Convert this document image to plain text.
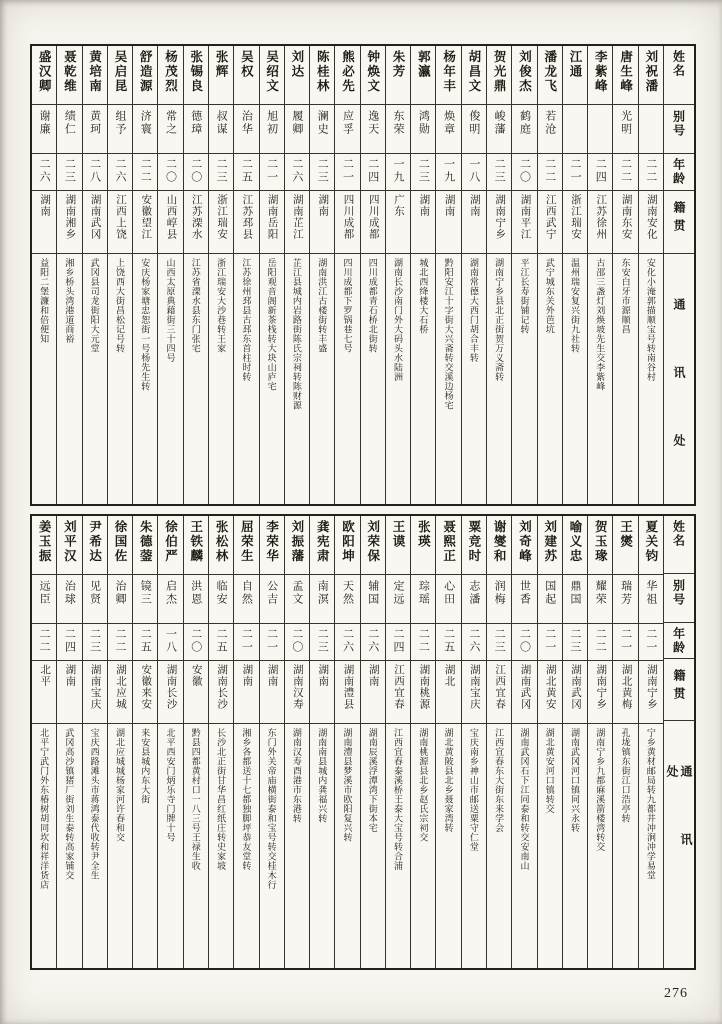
姓名
别号
年龄
籍贯
通讯处
刘祝潘
二二
湖南安化
安化小淹郭描顺宝号转南谷村
唐生峰
光明
二二
湖南东安
东安白牙市源顺昌
李紫峰
二四
江苏徐州
古邵三盏灯刘焕坡先生交李紫峰
江通
二一
浙江瑞安
温州瑞安复兴街九社转
潘龙飞
若沧
二二
江西武宁
武宁城东关外芭坑
刘俊杰
鹤庭
二〇
湖南平江
平江长寿街铺记转
贺光鼎
峻藩
二三
湖南宁乡
湖南宁乡县北正街贺万义斋转
胡昌文
俊明
一八
湖南
湖南常德大西门胡合丰转
杨年丰
焕章
一九
湖南
黔阳安江十字街大兴斋转交溪边杨宅
郭瀛
鸿勋
二三
湖南
城北西绛楼大石桥
朱芳
东荣
一九
广东
湖南长沙南门外大码头水陆洲
钟焕文
逸天
二四
四川成都
四川成都青石桥北街转
熊必先
应孚
二一
四川成都
四川成都下罗锅巷七号
陈桂林
澜史
二三
湖南
湖南洪江古楼街转丰盛
刘达
履卿
二六
湖南芷江
芷江县城内岩路街陈氏宗祠转陈财源
吴绍文
旭初
二一
湖南岳阳
岳阳观音阁新茶栈转大块山庐宅
吴权
治华
二五
江苏邳县
江苏徐州邳县古邳东首柱时转
张辉
叔谋
二三
浙江瑞安
浙江瑞安大沙巷转王家
张锡良
德璋
二〇
江苏溧水
江苏省溧水县东门张宅
杨茂烈
常之
二〇
山西崞县
山西太原典藉街三十四号
舒造源
济寰
二二
安徽望江
安庆杨家塘忠恕街一号杨先生转
吴启昆
组予
二六
江西上饶
上饶西大街昌松记号转
黄培南
黄珂
二八
湖南武冈
武冈县司龙街阳大元堂
聂乾维
绩仁
二三
湖南湘乡
湘乡桥头湾港道商裕
盛汉卿
谢廉
二六
湖南
益阳二堡濂和倍便知
姓名
别号
年龄
籍贯
通讯处
夏关钧
华祖
二一
湖南宁乡
宁乡黄材邮局转九都井冲涧冲学易堂
王爕
瑞芳
二一
湖北黄梅
孔垅镇东街江口浩亭转
贺玉瑑
耀荣
二二
湖南宁乡
湖南宁乡九都麻溪箭楼湾转交
喻义忠
鼎国
二三
湖南武冈
湖南武冈河口镇同兴永转
刘建苏
国起
二一
湖北黄安
湖北黄安河口镇转交
刘奇峰
世香
二〇
湖南武冈
湖南武冈石下江同泰和转交安南山
谢燮和
润梅
二三
江西宜春
江西宜春东大街东来学会
粟竞时
志潘
二六
湖南宝庆
宝庆南乡神山市邮送粟守仁堂
聂熙正
心田
二五
湖北
湖北黄陂县北乡聂家湾转
张瑛
琮瑶
二二
湖南桃源
湖南桃源县北乡赵氏宗祠交
王谟
定远
二四
江西宜春
江西宜春泰溪桥王泰大宝号转合浦
刘荣保
辅国
二六
湖南
湖南辰溪浮潭湾下街本宅
欧阳坤
天然
二六
湖南澧县
湖南澧县梦溪市欧阳复兴转
龚宪肃
南溟
二三
湖南
湖南南县城内龚福兴转
刘振藩
孟文
二〇
湖南汉寿
湖南汉寿酉港市东港转
李荣华
公吉
二一
湖南
东门外关帝庙横街泰和宝号转交桂木行
屈荣生
自然
二一
湖南
湘乡各都送十七都独脚坪恭友堂转
张松林
临安
二五
湖南长沙
长沙北正街甘华昌红纸庄转史家坡
王铁麟
洪恩
二〇
安徽
黔县四都黄村口一八三号王禄生收
徐伯严
启杰
一八
湖南长沙
北平西安门炳乐寺门牌十号
朱德蓥
镜三
二五
安徽来安
来安县城内东大街
徐国佐
治卿
二二
湖北应城
湖北应城城杨家河许春和交
尹希达
见贤
二三
湖南宝庆
宝庆西路滩头市蒋鸿泰代收转尹全生
刘平汉
治球
二四
湖南
武冈高沙镇猪厂街刘生泰转高家铺交
姜玉振
远臣
二二
北平
北平宁武门外东椿树胡同坎和祥洋货店
276
